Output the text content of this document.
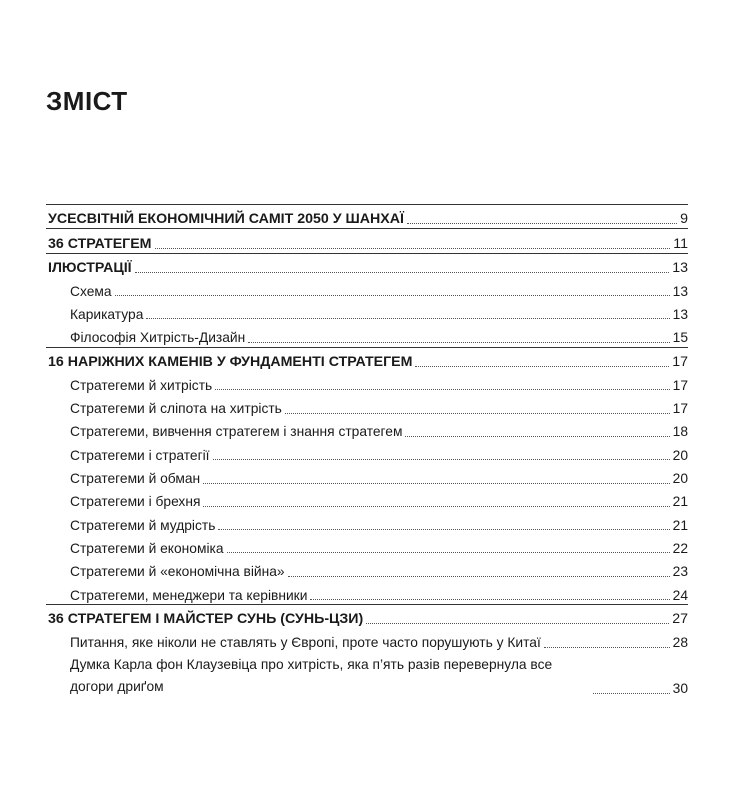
ЗМІСТ
УСЕСВІТНІЙ ЕКОНОМІЧНИЙ САМІТ 2050 У ШАНХАЇ	9
36 СТРАТЕГЕМ	11
ІЛЮСТРАЦІЇ	13
Схема	13
Карикатура	13
Філософія Хитрість-Дизайн	15
16 НАРІЖНИХ КАМЕНІВ У ФУНДАМЕНТІ СТРАТЕГЕМ	17
Стратегеми й хитрість	17
Стратегеми й сліпота на хитрість	17
Стратегеми, вивчення стратегем і знання стратегем	18
Стратегеми і стратегії	20
Стратегеми й обман	20
Стратегеми і брехня	21
Стратегеми й мудрість	21
Стратегеми й економіка	22
Стратегеми й «економічна війна»	23
Стратегеми, менеджери та керівники	24
36 СТРАТЕГЕМ І МАЙСТЕР СУНЬ (СУНЬ-ЦЗИ)	27
Питання, яке ніколи не ставлять у Європі, проте часто порушують у Китаї	28
Думка Карла фон Клаузевіца про хитрість, яка п’ять разів перевернула все догори дриґом	30
